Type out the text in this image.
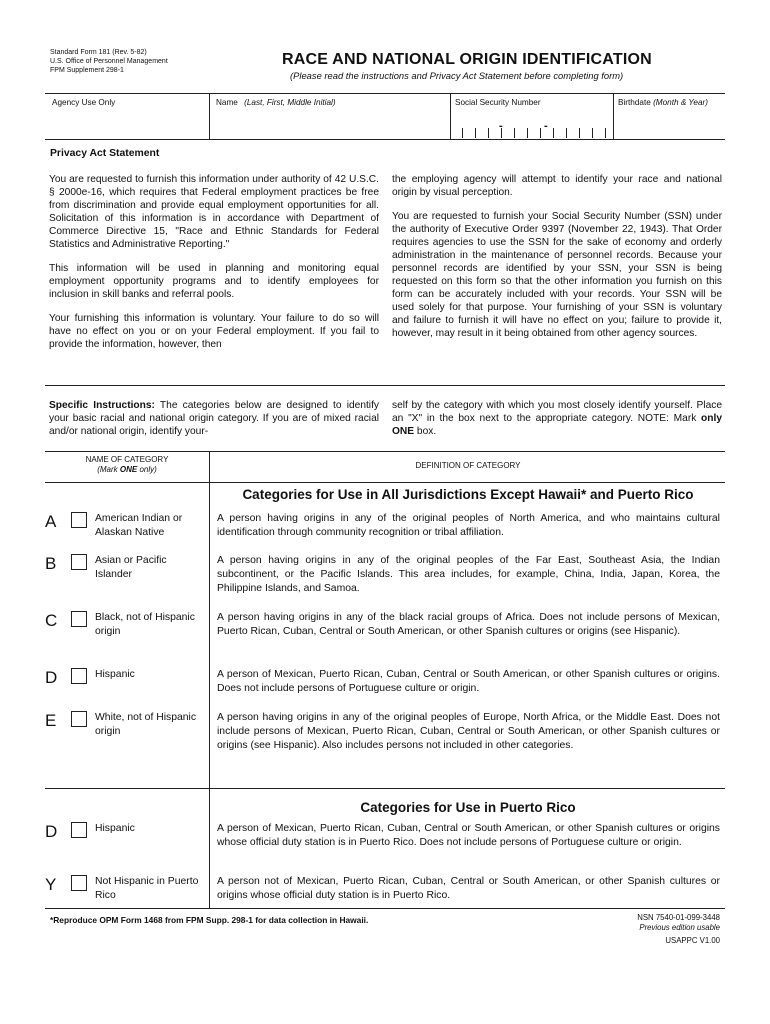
Standard Form 181 (Rev. 5-82)
U.S. Office of Personnel Management
FPM Supplement 298-1
RACE AND NATIONAL ORIGIN IDENTIFICATION
(Please read the instructions and Privacy Act Statement before completing form)
Agency Use Only	Name (Last, First, Middle Initial)	Social Security Number
-	-
Birthdate (Month & Year)
Privacy Act Statement

You are requested to furnish this information under authority of 42 U.S.C. § 2000e-16, which requires that Federal employment practices be free from discrimination and provide equal employment opportunities for all. Solicitation of this information is in accordance with Department of Commerce Directive 15, "Race and Ethnic Standards for Federal Statistics and Administrative Reporting."

This information will be used in planning and monitoring equal employment opportunity programs and to identify employees for inclusion in skill banks and referral pools.

Your furnishing this information is voluntary. Your failure to do so will have no effect on you or on your Federal employment. If you fail to provide the information, however, then

the employing agency will attempt to identify your race and national origin by visual perception.

You are requested to furnish your Social Security Number (SSN) under the authority of Executive Order 9397 (November 22, 1943). That Order requires agencies to use the SSN for the sake of economy and orderly administration in the maintenance of personnel records. Because your personnel records are identified by your SSN, your SSN is being requested on this form so that the other information you furnish on this form can be accurately included with your records. Your SSN will be used solely for that purpose. Your furnishing of your SSN is voluntary and failure to furnish it will have no effect on you; failure to provide it, however, may result in it being obtained from other agency sources.

Specific Instructions: The categories below are designed to identify your basic racial and national origin category. If you are of mixed racial and/or national origin, identify your-
self by the category with which you most closely identify yourself. Place an "X" in the box next to the appropriate category. NOTE: Mark only ONE box.
NAME OF CATEGORY
(Mark ONE only)	DEFINITION OF CATEGORY
Categories for Use in All Jurisdictions Except Hawaii* and Puerto Rico
A	American Indian or Alaskan Native
A person having origins in any of the original peoples of North America, and who maintains cultural identification through community recognition or tribal affiliation.
B	Asian or Pacific Islander
A person having origins in any of the original peoples of the Far East, Southeast Asia, the Indian subcontinent, or the Pacific Islands. This area includes, for example, China, India, Japan, Korea, the Philippine Islands, and Samoa.
C	Black, not of Hispanic origin
A person having origins in any of the black racial groups of Africa. Does not include persons of Mexican, Puerto Rican, Cuban, Central or South American, or other Spanish cultures or origins (see Hispanic).
D	Hispanic	A person of Mexican, Puerto Rican, Cuban, Central or South American, or other Spanish cultures or origins. Does not include persons of Portuguese culture or origin.
E	White, not of Hispanic origin
A person having origins in any of the original peoples of Europe, North Africa, or the Middle East. Does not include persons of Mexican, Puerto Rican, Cuban, Central or South American, or other Spanish cultures or origins (see Hispanic). Also includes persons not included in other categories.
Categories for Use in Puerto Rico
D	Hispanic	A person of Mexican, Puerto Rican, Cuban, Central or South American, or other Spanish cultures or origins whose official duty station is in Puerto Rico. Does not include persons of Portuguese culture or origin.
Y	Not Hispanic in Puerto Rico
A person not of Mexican, Puerto Rican, Cuban, Central or South American, or other Spanish cultures or origins whose official duty station is in Puerto Rico.
*Reproduce OPM Form 1468 from FPM Supp. 298-1 for data collection in Hawaii.	NSN 7540-01-099-3448
Previous edition usable
USAPPC V1.00
